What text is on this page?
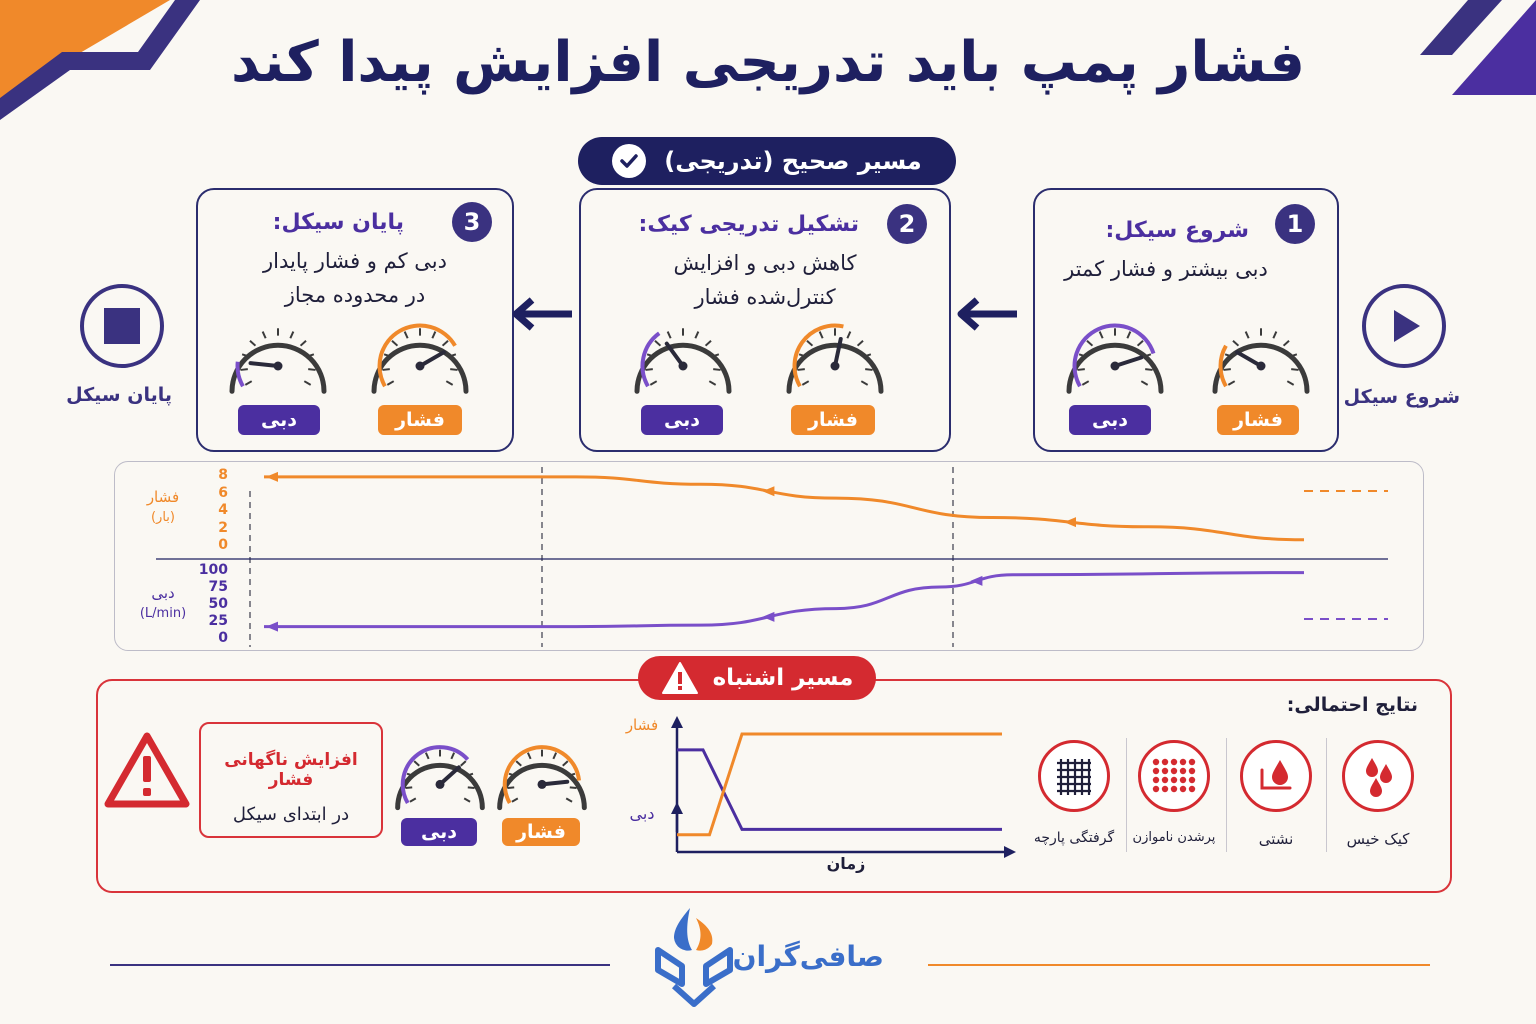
فشار پمپ باید تدریجی افزایش پیدا کند
مسیر صحیح (تدریجی)
شروع سیکل
پایان سیکل
1
شروع سیکل:
دبی بیشتر و فشار کمتر
دبی	فشار
2
تشکیل تدریجی کیک:
کاهش دبی و افزایش
کنترل‌شده فشار
دبی	فشار
3
پایان سیکل:
دبی کم و فشار پایدار
در محدوده مجاز
دبی	فشار
فشار
(بار)
8
6
4
2
0
دبی
(L/min)
100
75
50
25
0
مسیر اشتباه
افزایش ناگهانی فشار
در ابتدای سیکل
دبی	فشار
فشار
دبی
زمان
نتایج احتمالی:
کیک خیس
نشتی
پرشدن ناموازن
گرفتگی پارچه
صافی‌گران
